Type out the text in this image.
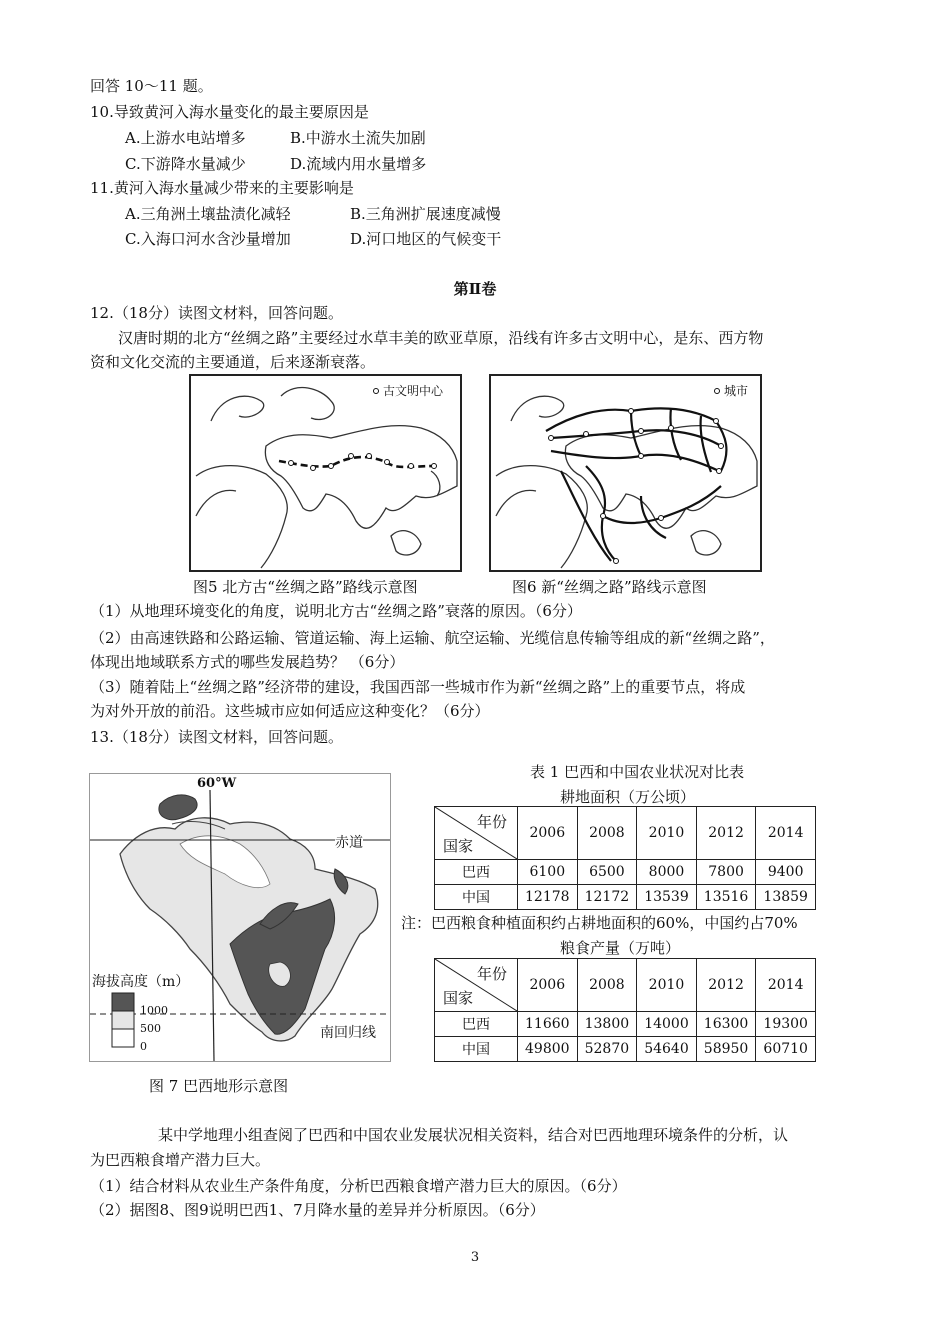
回答 10～11 题。
10.导致黄河入海水量变化的最主要原因是
A.上游水电站增多	B.中游水土流失加剧
C.下游降水量减少	D.流域内用水量增多
11.黄河入海水量减少带来的主要影响是
A.三角洲土壤盐渍化减轻	B.三角洲扩展速度减慢
C.入海口河水含沙量增加	D.河口地区的气候变干
第Ⅱ卷
12.（18分）读图文材料，回答问题。
汉唐时期的北方“丝绸之路”主要经过水草丰美的欧亚草原，沿线有许多古文明中心，是东、西方物
资和文化交流的主要通道，后来逐渐衰落。
古文明中心	城市
图5 北方古“丝绸之路”路线示意图	图6 新“丝绸之路”路线示意图
（1）从地理环境变化的角度，说明北方古“丝绸之路”衰落的原因。（6分）
（2）由高速铁路和公路运输、管道运输、海上运输、航空运输、光缆信息传输等组成的新“丝绸之路”，
体现出地域联系方式的哪些发展趋势？ （6分）
（3）随着陆上“丝绸之路”经济带的建设，我国西部一些城市作为新“丝绸之路”上的重要节点，将成
为对外开放的前沿。这些城市应如何适应这种变化？（6分）
13.（18分）读图文材料，回答问题。
60°W
赤道
南回归线
海拔高度（m）
1000
500
0
图 7 巴西地形示意图
表 1 巴西和中国农业状况对比表
耕地面积（万公顷）
年份
国家	2006	2008	2010	2012	2014
巴西	6100	6500	8000	7800	9400
中国	12178	12172	13539	13516	13859
注：巴西粮食种植面积约占耕地面积的60%，中国约占70%
粮食产量（万吨）
年份
国家	2006	2008	2010	2012	2014
巴西	11660	13800	14000	16300	19300
中国	49800	52870	54640	58950	60710
某中学地理小组查阅了巴西和中国农业发展状况相关资料，结合对巴西地理环境条件的分析，认
为巴西粮食增产潜力巨大。
（1）结合材料从农业生产条件角度，分析巴西粮食增产潜力巨大的原因。（6分）
（2）据图8、图9说明巴西1、7月降水量的差异并分析原因。（6分）
3
